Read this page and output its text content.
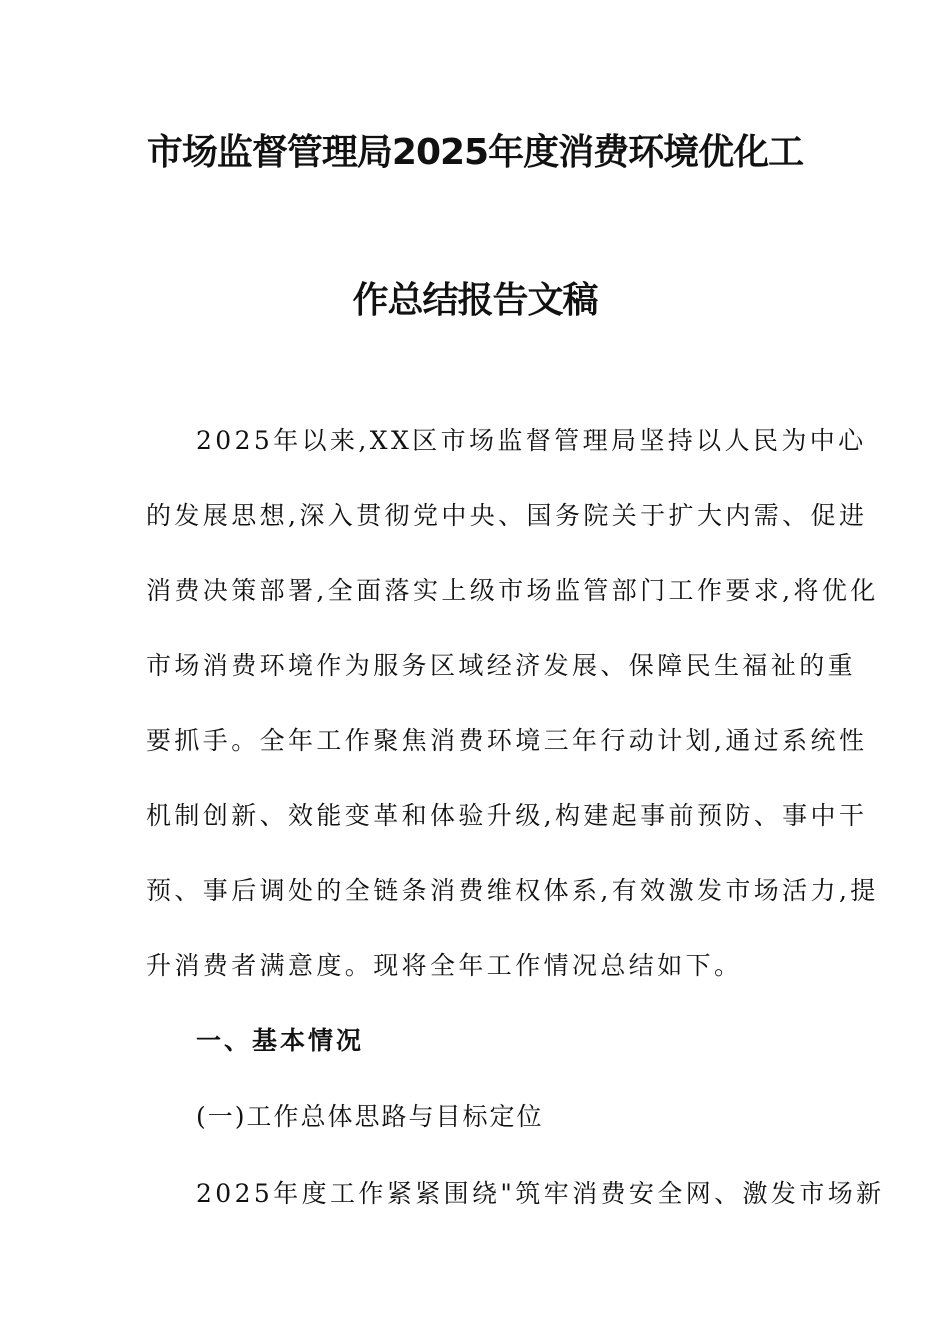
市场监督管理局2025年度消费环境优化工
作总结报告文稿
2025年以来,XX区市场监督管理局坚持以人民为中心
的发展思想,深入贯彻党中央、国务院关于扩大内需、促进
消费决策部署,全面落实上级市场监管部门工作要求,将优化
市场消费环境作为服务区域经济发展、保障民生福祉的重
要抓手。全年工作聚焦消费环境三年行动计划,通过系统性
机制创新、效能变革和体验升级,构建起事前预防、事中干
预、事后调处的全链条消费维权体系,有效激发市场活力,提
升消费者满意度。现将全年工作情况总结如下。
一、基本情况
(一)工作总体思路与目标定位
2025年度工作紧紧围绕"筑牢消费安全网、激发市场新
